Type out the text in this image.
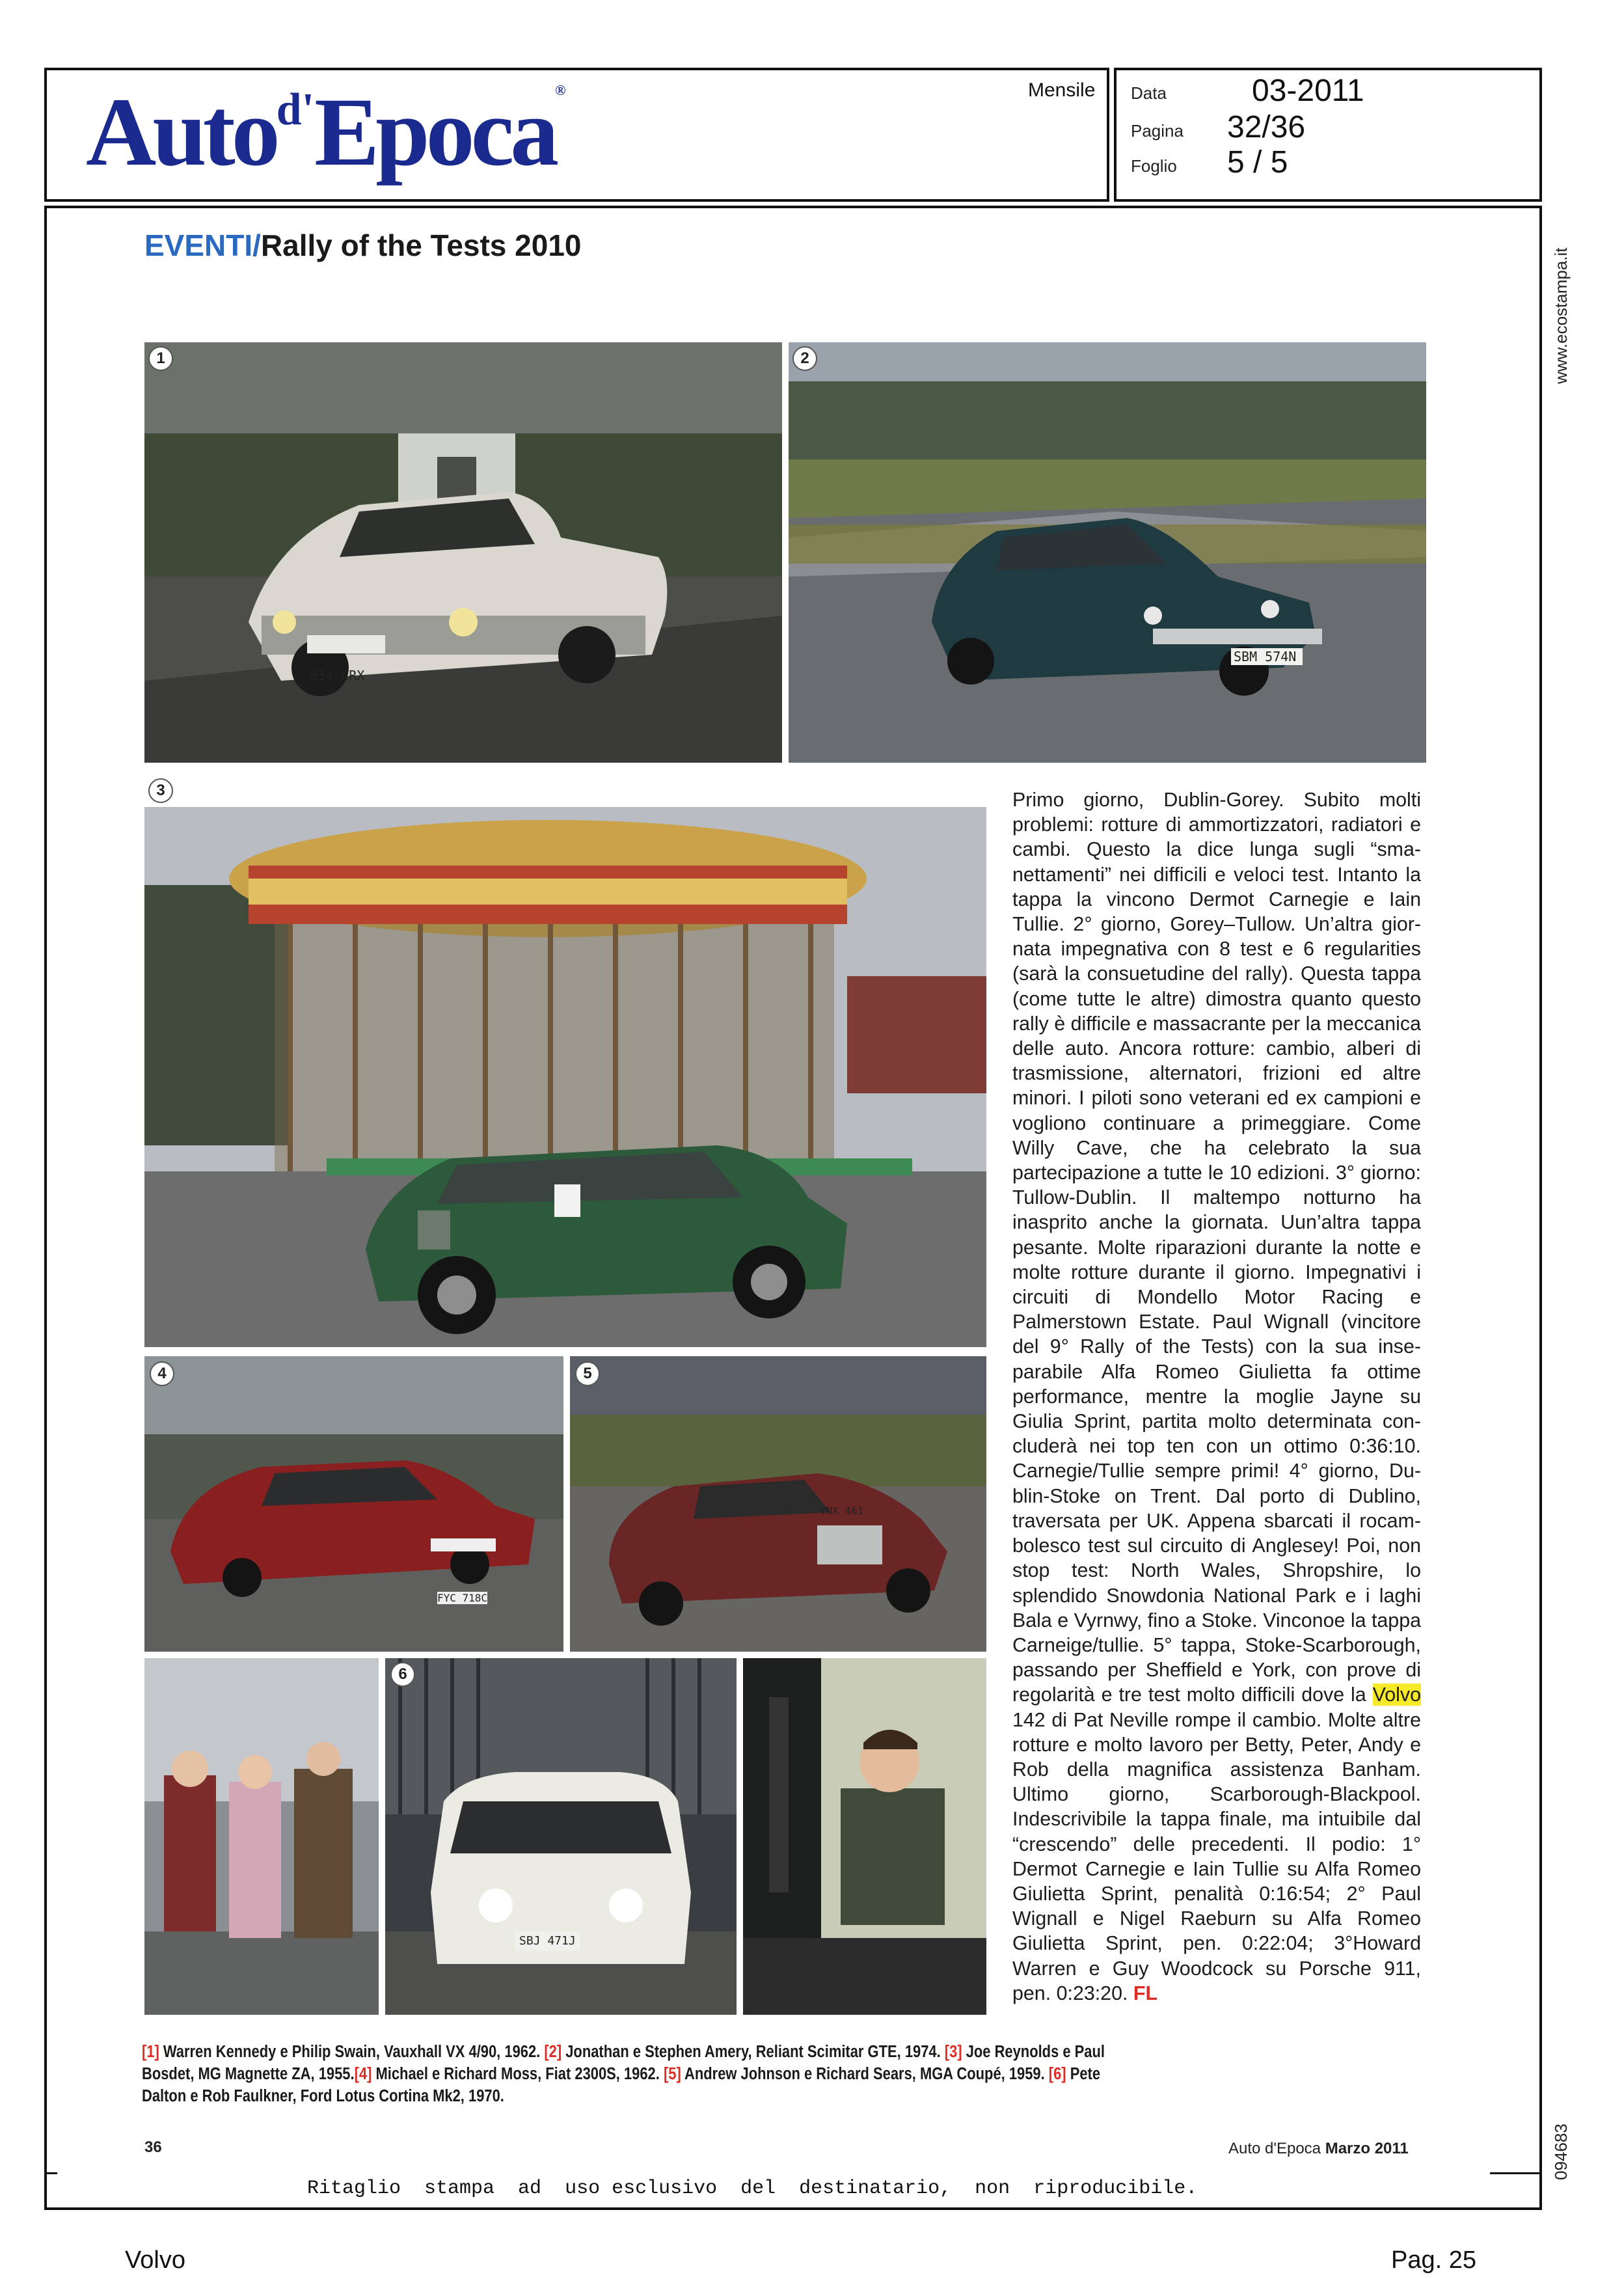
Auto$^{d'}$Epoca®	Mensile Data	03-2011
Pagina 32/36
Foglio 5 / 5
www.ecostampa.it
094683
EVENTI/Rally of the Tests 2010
634 CRX
1
SBM 574N
2
3
FYC 718C
4
YNX 461
5
SBJ 471J
6
Primo giorno, Dublin-Gorey. Subito molti problemi: rotture di ammortizzatori, radiatori e cambi. Questo la dice lunga sugli “smanettamenti” nei difficili e veloci test. Intanto la tappa la vincono Dermot Carnegie e Iain Tullie. 2° giorno, Gorey–Tullow. Un’altra giornata impegnativa con 8 test e 6 regularities (sarà la consuetudine del rally). Questa tappa (come tutte le altre) dimostra quanto questo rally è difficile e massacrante per la meccanica delle auto. Ancora rotture: cambio, alberi di trasmissione, alternatori, frizioni ed altre minori. I piloti sono veterani ed ex campioni e vogliono continuare a primeggiare. Come Willy Cave, che ha celebrato la sua partecipazione a tutte le 10 edizioni. 3° giorno: Tullow-Dublin. Il maltempo notturno ha inasprito anche la giornata. Uun’altra tappa pesante. Molte riparazioni durante la notte e molte rotture durante il giorno. Impegnativi i circuiti di Mondello Motor Racing e Palmerstown Estate. Paul Wignall (vincitore del 9° Rally of the Tests) con la sua inseparabile Alfa Romeo Giulietta fa ottime performance, mentre la moglie Jayne su Giulia Sprint, partita molto determinata concluderà nei top ten con un ottimo 0:36:10. Carnegie/Tullie sempre primi! 4° giorno, Dublin-Stoke on Trent. Dal porto di Dublino, traversata per UK. Appena sbarcati il rocambolesco test sul circuito di Anglesey! Poi, non stop test: North Wales, Shropshire, lo splendido Snowdonia National Park e i laghi Bala e Vyrnwy, fino a Stoke. Vinconoe la tappa Carneige/tullie. 5° tappa, Stoke-Scarborough, passando per Sheffield e York, con prove di regolarità e tre test molto difficili dove la Volvo 142 di Pat Neville rompe il cambio. Molte altre rotture e molto lavoro per Betty, Peter, Andy e Rob della magnifica assistenza Banham. Ultimo giorno, Scarborough-Blackpool. Indescrivibile la tappa finale, ma intuibile dal “crescendo” delle precedenti. Il podio: 1° Dermot Carnegie e Iain Tullie su Alfa Romeo Giulietta Sprint, penalità 0:16:54; 2° Paul Wignall e Nigel Raeburn su Alfa Romeo Giulietta Sprint, pen. 0:22:04; 3°Howard Warren e Guy Woodcock su Porsche 911, pen. 0:23:20. FL
[1] Warren Kennedy e Philip Swain, Vauxhall VX 4/90, 1962. [2] Jonathan e Stephen Amery, Reliant Scimitar GTE, 1974. [3] Joe Reynolds e Paul Bosdet, MG Magnette ZA, 1955.[4] Michael e Richard Moss, Fiat 2300S, 1962. [5] Andrew Johnson e Richard Sears, MGA Coupé, 1959. [6] Pete Dalton e Rob Faulkner, Ford Lotus Cortina Mk2, 1970.
36	Auto d'Epoca Marzo 2011
Ritaglio  stampa  ad  uso esclusivo  del  destinatario,  non  riproducibile.
Volvo	Pag. 25
